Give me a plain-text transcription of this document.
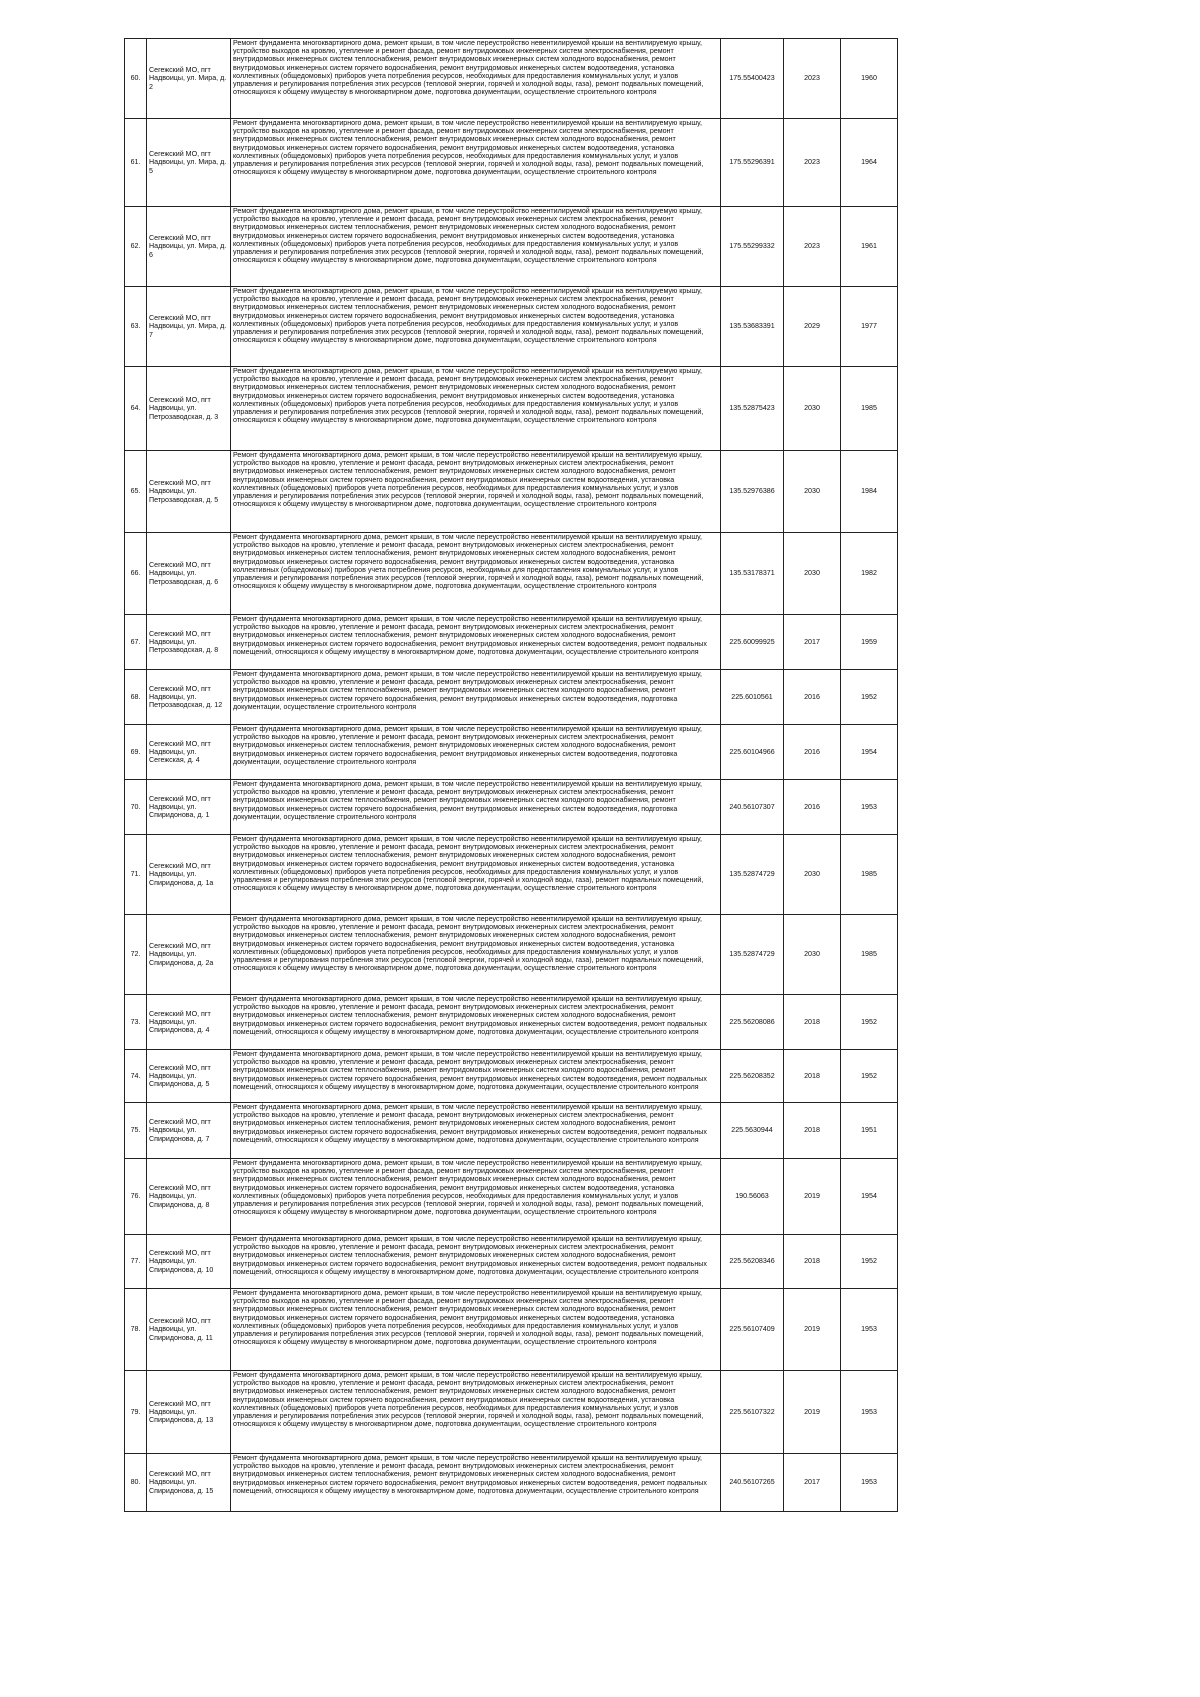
60.	Сегежский МО, пгт Надвоицы, ул. Мира, д. 2	Ремонт фундамента многоквартирного дома, ремонт крыши, в том числе переустройство невентилируемой крыши на вентилируемую крышу, устройство выходов на кровлю, утепление и ремонт фасада, ремонт внутридомовых инженерных систем электроснабжения, ремонт внутридомовых инженерных систем теплоснабжения, ремонт внутридомовых инженерных систем холодного водоснабжения, ремонт внутридомовых инженерных систем горячего водоснабжения, ремонт внутридомовых инженерных систем водоотведения, установка коллективных (общедомовых) приборов учета потребления ресурсов, необходимых для предоставления коммунальных услуг, и узлов управления и регулирования потребления этих ресурсов (тепловой энергии, горячей и холодной воды, газа), ремонт подвальных помещений, относящихся к общему имуществу в многоквартирном доме, подготовка документации, осуществление строительного контроля	175.55400423	2023	1960
61.	Сегежский МО, пгт Надвоицы, ул. Мира, д. 5	Ремонт фундамента многоквартирного дома, ремонт крыши, в том числе переустройство невентилируемой крыши на вентилируемую крышу, устройство выходов на кровлю, утепление и ремонт фасада, ремонт внутридомовых инженерных систем электроснабжения, ремонт внутридомовых инженерных систем теплоснабжения, ремонт внутридомовых инженерных систем холодного водоснабжения, ремонт внутридомовых инженерных систем горячего водоснабжения, ремонт внутридомовых инженерных систем водоотведения, установка коллективных (общедомовых) приборов учета потребления ресурсов, необходимых для предоставления коммунальных услуг, и узлов управления и регулирования потребления этих ресурсов (тепловой энергии, горячей и холодной воды, газа), ремонт подвальных помещений, относящихся к общему имуществу в многоквартирном доме, подготовка документации, осуществление строительного контроля	175.55296391	2023	1964
62.	Сегежский МО, пгт Надвоицы, ул. Мира, д. 6	Ремонт фундамента многоквартирного дома, ремонт крыши, в том числе переустройство невентилируемой крыши на вентилируемую крышу, устройство выходов на кровлю, утепление и ремонт фасада, ремонт внутридомовых инженерных систем электроснабжения, ремонт внутридомовых инженерных систем теплоснабжения, ремонт внутридомовых инженерных систем холодного водоснабжения, ремонт внутридомовых инженерных систем горячего водоснабжения, ремонт внутридомовых инженерных систем водоотведения, установка коллективных (общедомовых) приборов учета потребления ресурсов, необходимых для предоставления коммунальных услуг, и узлов управления и регулирования потребления этих ресурсов (тепловой энергии, горячей и холодной воды, газа), ремонт подвальных помещений, относящихся к общему имуществу в многоквартирном доме, подготовка документации, осуществление строительного контроля	175.55299332	2023	1961
63.	Сегежский МО, пгт Надвоицы, ул. Мира, д. 7	Ремонт фундамента многоквартирного дома, ремонт крыши, в том числе переустройство невентилируемой крыши на вентилируемую крышу, устройство выходов на кровлю, утепление и ремонт фасада, ремонт внутридомовых инженерных систем электроснабжения, ремонт внутридомовых инженерных систем теплоснабжения, ремонт внутридомовых инженерных систем холодного водоснабжения, ремонт внутридомовых инженерных систем горячего водоснабжения, ремонт внутридомовых инженерных систем водоотведения, установка коллективных (общедомовых) приборов учета потребления ресурсов, необходимых для предоставления коммунальных услуг, и узлов управления и регулирования потребления этих ресурсов (тепловой энергии, горячей и холодной воды, газа), ремонт подвальных помещений, относящихся к общему имуществу в многоквартирном доме, подготовка документации, осуществление строительного контроля	135.53683391	2029	1977
64.	Сегежский МО, пгт Надвоицы, ул. Петрозаводская, д. 3	Ремонт фундамента многоквартирного дома, ремонт крыши, в том числе переустройство невентилируемой крыши на вентилируемую крышу, устройство выходов на кровлю, утепление и ремонт фасада, ремонт внутридомовых инженерных систем электроснабжения, ремонт внутридомовых инженерных систем теплоснабжения, ремонт внутридомовых инженерных систем холодного водоснабжения, ремонт внутридомовых инженерных систем горячего водоснабжения, ремонт внутридомовых инженерных систем водоотведения, установка коллективных (общедомовых) приборов учета потребления ресурсов, необходимых для предоставления коммунальных услуг, и узлов управления и регулирования потребления этих ресурсов (тепловой энергии, горячей и холодной воды, газа), ремонт подвальных помещений, относящихся к общему имуществу в многоквартирном доме, подготовка документации, осуществление строительного контроля	135.52875423	2030	1985
65.	Сегежский МО, пгт Надвоицы, ул. Петрозаводская, д. 5	Ремонт фундамента многоквартирного дома, ремонт крыши, в том числе переустройство невентилируемой крыши на вентилируемую крышу, устройство выходов на кровлю, утепление и ремонт фасада, ремонт внутридомовых инженерных систем электроснабжения, ремонт внутридомовых инженерных систем теплоснабжения, ремонт внутридомовых инженерных систем холодного водоснабжения, ремонт внутридомовых инженерных систем горячего водоснабжения, ремонт внутридомовых инженерных систем водоотведения, установка коллективных (общедомовых) приборов учета потребления ресурсов, необходимых для предоставления коммунальных услуг, и узлов управления и регулирования потребления этих ресурсов (тепловой энергии, горячей и холодной воды, газа), ремонт подвальных помещений, относящихся к общему имуществу в многоквартирном доме, подготовка документации, осуществление строительного контроля	135.52976386	2030	1984
66.	Сегежский МО, пгт Надвоицы, ул. Петрозаводская, д. 6	Ремонт фундамента многоквартирного дома, ремонт крыши, в том числе переустройство невентилируемой крыши на вентилируемую крышу, устройство выходов на кровлю, утепление и ремонт фасада, ремонт внутридомовых инженерных систем электроснабжения, ремонт внутридомовых инженерных систем теплоснабжения, ремонт внутридомовых инженерных систем холодного водоснабжения, ремонт внутридомовых инженерных систем горячего водоснабжения, ремонт внутридомовых инженерных систем водоотведения, установка коллективных (общедомовых) приборов учета потребления ресурсов, необходимых для предоставления коммунальных услуг, и узлов управления и регулирования потребления этих ресурсов (тепловой энергии, горячей и холодной воды, газа), ремонт подвальных помещений, относящихся к общему имуществу в многоквартирном доме, подготовка документации, осуществление строительного контроля	135.53178371	2030	1982
67.	Сегежский МО, пгт Надвоицы, ул. Петрозаводская, д. 8	Ремонт фундамента многоквартирного дома, ремонт крыши, в том числе переустройство невентилируемой крыши на вентилируемую крышу, устройство выходов на кровлю, утепление и ремонт фасада, ремонт внутридомовых инженерных систем электроснабжения, ремонт внутридомовых инженерных систем теплоснабжения, ремонт внутридомовых инженерных систем холодного водоснабжения, ремонт внутридомовых инженерных систем горячего водоснабжения, ремонт внутридомовых инженерных систем водоотведения, ремонт подвальных помещений, относящихся к общему имуществу в многоквартирном доме, подготовка документации, осуществление строительного контроля	225.60099925	2017	1959
68.	Сегежский МО, пгт Надвоицы, ул. Петрозаводская, д. 12	Ремонт фундамента многоквартирного дома, ремонт крыши, в том числе переустройство невентилируемой крыши на вентилируемую крышу, устройство выходов на кровлю, утепление и ремонт фасада, ремонт внутридомовых инженерных систем электроснабжения, ремонт внутридомовых инженерных систем теплоснабжения, ремонт внутридомовых инженерных систем холодного водоснабжения, ремонт внутридомовых инженерных систем горячего водоснабжения, ремонт внутридомовых инженерных систем водоотведения, подготовка документации, осуществление строительного контроля	225.6010561	2016	1952
69.	Сегежский МО, пгт Надвоицы, ул. Сегежская, д. 4	Ремонт фундамента многоквартирного дома, ремонт крыши, в том числе переустройство невентилируемой крыши на вентилируемую крышу, устройство выходов на кровлю, утепление и ремонт фасада, ремонт внутридомовых инженерных систем электроснабжения, ремонт внутридомовых инженерных систем теплоснабжения, ремонт внутридомовых инженерных систем холодного водоснабжения, ремонт внутридомовых инженерных систем горячего водоснабжения, ремонт внутридомовых инженерных систем водоотведения, подготовка документации, осуществление строительного контроля	225.60104966	2016	1954
70.	Сегежский МО, пгт Надвоицы, ул. Спиридонова, д. 1	Ремонт фундамента многоквартирного дома, ремонт крыши, в том числе переустройство невентилируемой крыши на вентилируемую крышу, устройство выходов на кровлю, утепление и ремонт фасада, ремонт внутридомовых инженерных систем электроснабжения, ремонт внутридомовых инженерных систем теплоснабжения, ремонт внутридомовых инженерных систем холодного водоснабжения, ремонт внутридомовых инженерных систем горячего водоснабжения, ремонт внутридомовых инженерных систем водоотведения, подготовка документации, осуществление строительного контроля	240.56107307	2016	1953
71.	Сегежский МО, пгт Надвоицы, ул. Спиридонова, д. 1а	Ремонт фундамента многоквартирного дома, ремонт крыши, в том числе переустройство невентилируемой крыши на вентилируемую крышу, устройство выходов на кровлю, утепление и ремонт фасада, ремонт внутридомовых инженерных систем электроснабжения, ремонт внутридомовых инженерных систем теплоснабжения, ремонт внутридомовых инженерных систем холодного водоснабжения, ремонт внутридомовых инженерных систем горячего водоснабжения, ремонт внутридомовых инженерных систем водоотведения, установка коллективных (общедомовых) приборов учета потребления ресурсов, необходимых для предоставления коммунальных услуг, и узлов управления и регулирования потребления этих ресурсов (тепловой энергии, горячей и холодной воды, газа), ремонт подвальных помещений, относящихся к общему имуществу в многоквартирном доме, подготовка документации, осуществление строительного контроля	135.52874729	2030	1985
72.	Сегежский МО, пгт Надвоицы, ул. Спиридонова, д. 2а	Ремонт фундамента многоквартирного дома, ремонт крыши, в том числе переустройство невентилируемой крыши на вентилируемую крышу, устройство выходов на кровлю, утепление и ремонт фасада, ремонт внутридомовых инженерных систем электроснабжения, ремонт внутридомовых инженерных систем теплоснабжения, ремонт внутридомовых инженерных систем холодного водоснабжения, ремонт внутридомовых инженерных систем горячего водоснабжения, ремонт внутридомовых инженерных систем водоотведения, установка коллективных (общедомовых) приборов учета потребления ресурсов, необходимых для предоставления коммунальных услуг, и узлов управления и регулирования потребления этих ресурсов (тепловой энергии, горячей и холодной воды, газа), ремонт подвальных помещений, относящихся к общему имуществу в многоквартирном доме, подготовка документации, осуществление строительного контроля	135.52874729	2030	1985
73.	Сегежский МО, пгт Надвоицы, ул. Спиридонова, д. 4	Ремонт фундамента многоквартирного дома, ремонт крыши, в том числе переустройство невентилируемой крыши на вентилируемую крышу, устройство выходов на кровлю, утепление и ремонт фасада, ремонт внутридомовых инженерных систем электроснабжения, ремонт внутридомовых инженерных систем теплоснабжения, ремонт внутридомовых инженерных систем холодного водоснабжения, ремонт внутридомовых инженерных систем горячего водоснабжения, ремонт внутридомовых инженерных систем водоотведения, ремонт подвальных помещений, относящихся к общему имуществу в многоквартирном доме, подготовка документации, осуществление строительного контроля	225.56208086	2018	1952
74.	Сегежский МО, пгт Надвоицы, ул. Спиридонова, д. 5	Ремонт фундамента многоквартирного дома, ремонт крыши, в том числе переустройство невентилируемой крыши на вентилируемую крышу, устройство выходов на кровлю, утепление и ремонт фасада, ремонт внутридомовых инженерных систем электроснабжения, ремонт внутридомовых инженерных систем теплоснабжения, ремонт внутридомовых инженерных систем холодного водоснабжения, ремонт внутридомовых инженерных систем горячего водоснабжения, ремонт внутридомовых инженерных систем водоотведения, ремонт подвальных помещений, относящихся к общему имуществу в многоквартирном доме, подготовка документации, осуществление строительного контроля	225.56208352	2018	1952
75.	Сегежский МО, пгт Надвоицы, ул. Спиридонова, д. 7	Ремонт фундамента многоквартирного дома, ремонт крыши, в том числе переустройство невентилируемой крыши на вентилируемую крышу, устройство выходов на кровлю, утепление и ремонт фасада, ремонт внутридомовых инженерных систем электроснабжения, ремонт внутридомовых инженерных систем теплоснабжения, ремонт внутридомовых инженерных систем холодного водоснабжения, ремонт внутридомовых инженерных систем горячего водоснабжения, ремонт внутридомовых инженерных систем водоотведения, ремонт подвальных помещений, относящихся к общему имуществу в многоквартирном доме, подготовка документации, осуществление строительного контроля	225.5630944	2018	1951
76.	Сегежский МО, пгт Надвоицы, ул. Спиридонова, д. 8	Ремонт фундамента многоквартирного дома, ремонт крыши, в том числе переустройство невентилируемой крыши на вентилируемую крышу, устройство выходов на кровлю, утепление и ремонт фасада, ремонт внутридомовых инженерных систем электроснабжения, ремонт внутридомовых инженерных систем теплоснабжения, ремонт внутридомовых инженерных систем холодного водоснабжения, ремонт внутридомовых инженерных систем горячего водоснабжения, ремонт внутридомовых инженерных систем водоотведения, установка коллективных (общедомовых) приборов учета потребления ресурсов, необходимых для предоставления коммунальных услуг, и узлов управления и регулирования потребления этих ресурсов (тепловой энергии, горячей и холодной воды, газа), ремонт подвальных помещений, относящихся к общему имуществу в многоквартирном доме, подготовка документации, осуществление строительного контроля	190.56063	2019	1954
77.	Сегежский МО, пгт Надвоицы, ул. Спиридонова, д. 10	Ремонт фундамента многоквартирного дома, ремонт крыши, в том числе переустройство невентилируемой крыши на вентилируемую крышу, устройство выходов на кровлю, утепление и ремонт фасада, ремонт внутридомовых инженерных систем электроснабжения, ремонт внутридомовых инженерных систем теплоснабжения, ремонт внутридомовых инженерных систем холодного водоснабжения, ремонт внутридомовых инженерных систем горячего водоснабжения, ремонт внутридомовых инженерных систем водоотведения, ремонт подвальных помещений, относящихся к общему имуществу в многоквартирном доме, подготовка документации, осуществление строительного контроля	225.56208346	2018	1952
78.	Сегежский МО, пгт Надвоицы, ул. Спиридонова, д. 11	Ремонт фундамента многоквартирного дома, ремонт крыши, в том числе переустройство невентилируемой крыши на вентилируемую крышу, устройство выходов на кровлю, утепление и ремонт фасада, ремонт внутридомовых инженерных систем электроснабжения, ремонт внутридомовых инженерных систем теплоснабжения, ремонт внутридомовых инженерных систем холодного водоснабжения, ремонт внутридомовых инженерных систем горячего водоснабжения, ремонт внутридомовых инженерных систем водоотведения, установка коллективных (общедомовых) приборов учета потребления ресурсов, необходимых для предоставления коммунальных услуг, и узлов управления и регулирования потребления этих ресурсов (тепловой энергии, горячей и холодной воды, газа), ремонт подвальных помещений, относящихся к общему имуществу в многоквартирном доме, подготовка документации, осуществление строительного контроля	225.56107409	2019	1953
79.	Сегежский МО, пгт Надвоицы, ул. Спиридонова, д. 13	Ремонт фундамента многоквартирного дома, ремонт крыши, в том числе переустройство невентилируемой крыши на вентилируемую крышу, устройство выходов на кровлю, утепление и ремонт фасада, ремонт внутридомовых инженерных систем электроснабжения, ремонт внутридомовых инженерных систем теплоснабжения, ремонт внутридомовых инженерных систем холодного водоснабжения, ремонт внутридомовых инженерных систем горячего водоснабжения, ремонт внутридомовых инженерных систем водоотведения, установка коллективных (общедомовых) приборов учета потребления ресурсов, необходимых для предоставления коммунальных услуг, и узлов управления и регулирования потребления этих ресурсов (тепловой энергии, горячей и холодной воды, газа), ремонт подвальных помещений, относящихся к общему имуществу в многоквартирном доме, подготовка документации, осуществление строительного контроля	225.56107322	2019	1953
80.	Сегежский МО, пгт Надвоицы, ул. Спиридонова, д. 15	Ремонт фундамента многоквартирного дома, ремонт крыши, в том числе переустройство невентилируемой крыши на вентилируемую крышу, устройство выходов на кровлю, утепление и ремонт фасада, ремонт внутридомовых инженерных систем электроснабжения, ремонт внутридомовых инженерных систем теплоснабжения, ремонт внутридомовых инженерных систем холодного водоснабжения, ремонт внутридомовых инженерных систем горячего водоснабжения, ремонт внутридомовых инженерных систем водоотведения, ремонт подвальных помещений, относящихся к общему имуществу в многоквартирном доме, подготовка документации, осуществление строительного контроля	240.56107265	2017	1953
